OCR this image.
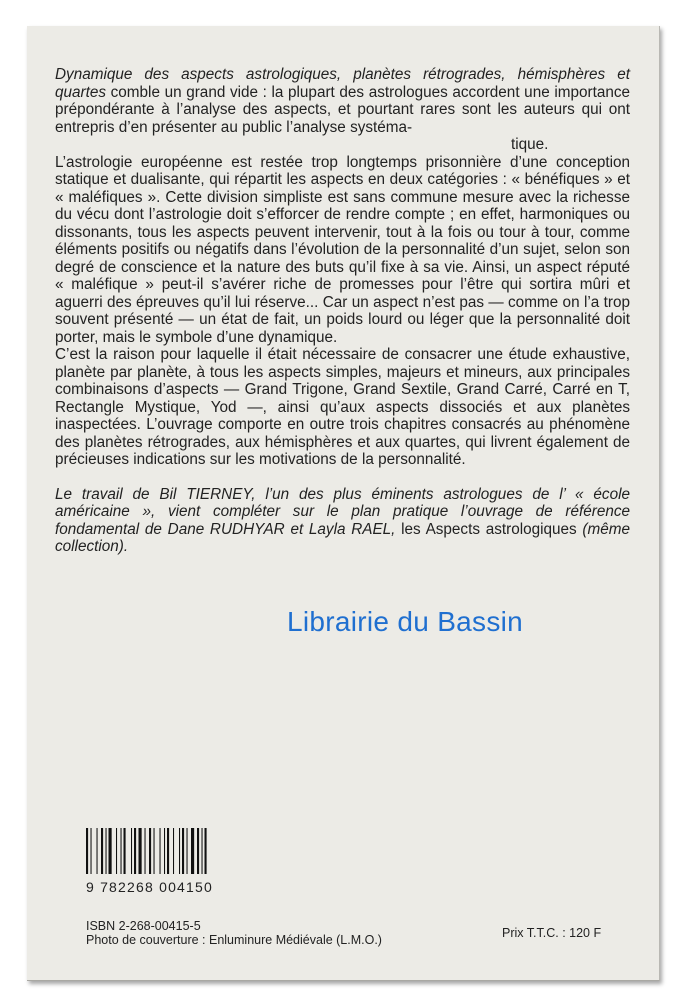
Dynamique des aspects astrologiques, planètes rétrogrades, hémisphères et quartes comble un grand vide : la plupart des astrologues accordent une importance prépondérante à l’analyse des aspects, et pourtant rares sont les auteurs qui ont entrepris d’en présenter au public l’analyse systéma-
tique.

L’astrologie européenne est restée trop longtemps prisonnière d’une conception statique et dualisante, qui répartit les aspects en deux catégories : « bénéfiques » et « maléfiques ». Cette division simpliste est sans commune mesure avec la richesse du vécu dont l’astrologie doit s’efforcer de rendre compte ; en effet, harmoniques ou dissonants, tous les aspects peuvent intervenir, tout à la fois ou tour à tour, comme éléments positifs ou négatifs dans l’évolution de la personnalité d’un sujet, selon son degré de conscience et la nature des buts qu’il fixe à sa vie. Ainsi, un aspect réputé « maléfique » peut-il s’avérer riche de promesses pour l’être qui sortira mûri et aguerri des épreuves qu’il lui réserve... Car un aspect n’est pas — comme on l’a trop souvent présenté — un état de fait, un poids lourd ou léger que la personnalité doit porter, mais le symbole d’une dynamique.

C’est la raison pour laquelle il était nécessaire de consacrer une étude exhaustive, planète par planète, à tous les aspects simples, majeurs et mineurs, aux principales combinaisons d’aspects — Grand Trigone, Grand Sextile, Grand Carré, Carré en T, Rectangle Mystique, Yod —, ainsi qu’aux aspects dissociés et aux planètes inaspectées. L’ouvrage comporte en outre trois chapitres consacrés au phénomène des planètes rétrogrades, aux hémisphères et aux quartes, qui livrent également de précieuses indications sur les motivations de la personnalité.

Le travail de Bil TIERNEY, l’un des plus éminents astrologues de l’ « école américaine », vient compléter sur le plan pratique l’ouvrage de référence fondamental de Dane RUDHYAR et Layla RAEL, les Aspects astrologiques (même collection).

Librairie du Bassin
9 782268 004150
ISBN 2-268-00415-5
Photo de couverture : Enluminure Médiévale (L.M.O.)	Prix T.T.C. : 120 F
